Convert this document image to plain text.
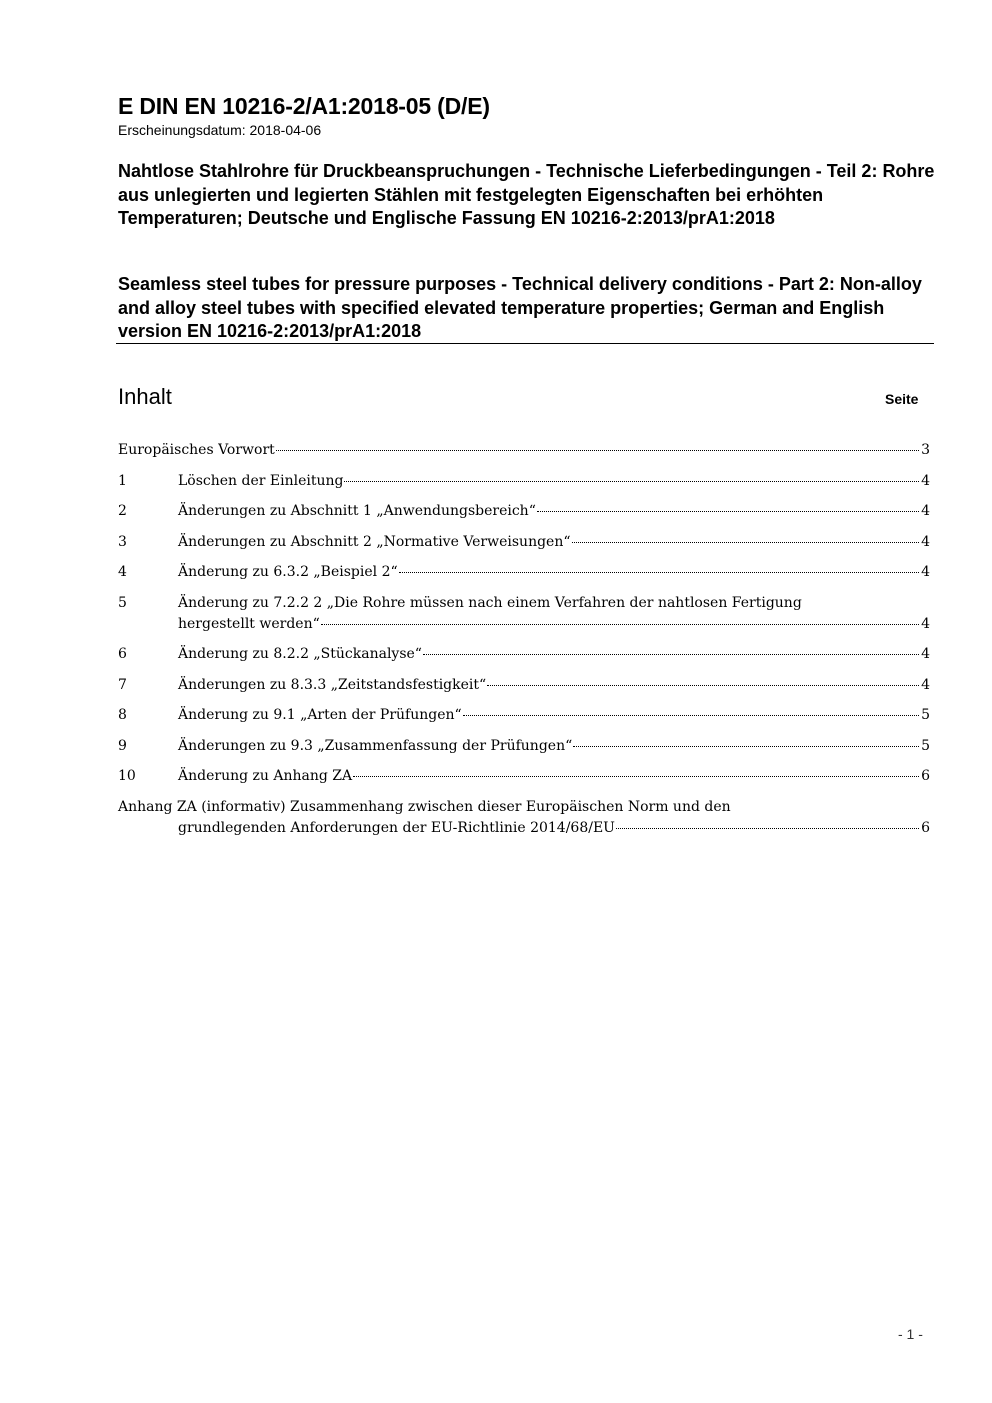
E DIN EN 10216-2/A1:2018-05 (D/E)
Erscheinungsdatum: 2018-04-06
Nahtlose Stahlrohre für Druckbeanspruchungen - Technische Lieferbedingungen - Teil 2: Rohre aus unlegierten und legierten Stählen mit festgelegten Eigenschaften bei erhöhten Temperaturen; Deutsche und Englische Fassung EN 10216-2:2013/prA1:2018
Seamless steel tubes for pressure purposes - Technical delivery conditions - Part 2: Non-alloy and alloy steel tubes with specified elevated temperature properties; German and English version EN 10216-2:2013/prA1:2018
Inhalt	Seite
Europäisches Vorwort	3
1	Löschen der Einleitung	4
2	Änderungen zu Abschnitt 1 „Anwendungsbereich“	4
3	Änderungen zu Abschnitt 2 „Normative Verweisungen“	4
4	Änderung zu 6.3.2 „Beispiel 2“	4
5	Änderung zu 7.2.2 2 „Die Rohre müssen nach einem Verfahren der nahtlosen Fertigung
hergestellt werden“	4
6	Änderung zu 8.2.2 „Stückanalyse“	4
7	Änderungen zu 8.3.3 „Zeitstandsfestigkeit“	4
8	Änderung zu 9.1 „Arten der Prüfungen“	5
9	Änderungen zu 9.3 „Zusammenfassung der Prüfungen“	5
10	Änderung zu Anhang ZA	6
Anhang ZA (informativ) Zusammenhang zwischen dieser Europäischen Norm und den
grundlegenden Anforderungen der EU-Richtlinie 2014/68/EU	6
- 1 -
